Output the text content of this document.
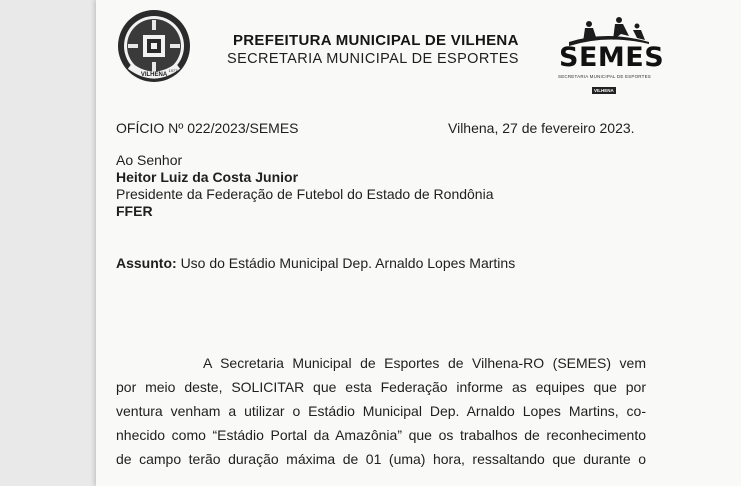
VILHENA
1977
PREFEITURA MUNICIPAL DE VILHENA
SECRETARIA MUNICIPAL DE ESPORTES SEMES
SECRETARIA MUNICIPAL DE ESPORTES
VILHENA
OFÍCIO Nº 022/2023/SEMES	Vilhena, 27 de fevereiro 2023.
Ao Senhor
Heitor Luiz da Costa Junior
Presidente da Federação de Futebol do Estado de Rondônia
FFER
Assunto: Uso do Estádio Municipal Dep. Arnaldo Lopes Martins
A Secretaria Municipal de Esportes de Vilhena-RO (SEMES) vem
por meio deste, SOLICITAR que esta Federação informe as equipes que por
ventura venham a utilizar o Estádio Municipal Dep. Arnaldo Lopes Martins, co-
nhecido como “Estádio Portal da Amazônia” que os trabalhos de reconhecimento
de campo terão duração máxima de 01 (uma) hora, ressaltando que durante o
